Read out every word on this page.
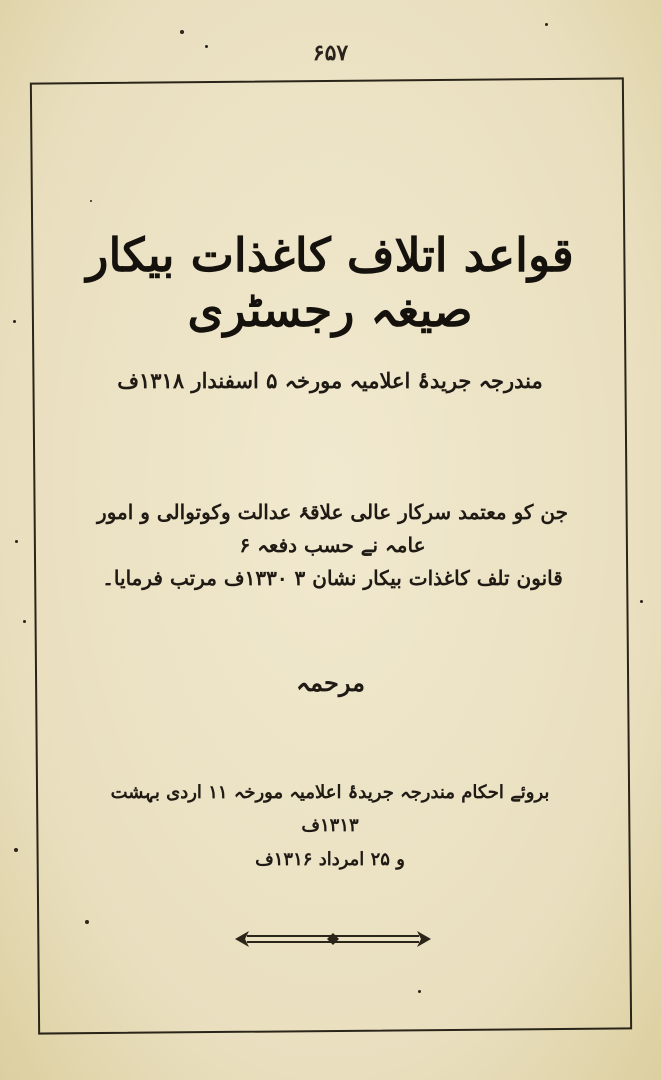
۶۵۷
قواعد اتلاف کاغذات بیکار صیغہ رجسٹری
مندرجہ جریدۂ اعلامیہ مورخہ ۵ اسفندار ۱۳۱۸ف
جن کو معتمد سرکار عالی علاقۂ عدالت وکوتوالی و امور عامہ نے حسب دفعہ ۶
قانون تلف کاغذات بیکار نشان ۳ ۱۳۳۰ف مرتب فرمایا۔
مرحمہ
بروئے احکام مندرجہ جریدۂ اعلامیہ مورخہ ۱۱ اردی بہشت ۱۳۱۳ف
و ۲۵ امرداد ۱۳۱۶ف
